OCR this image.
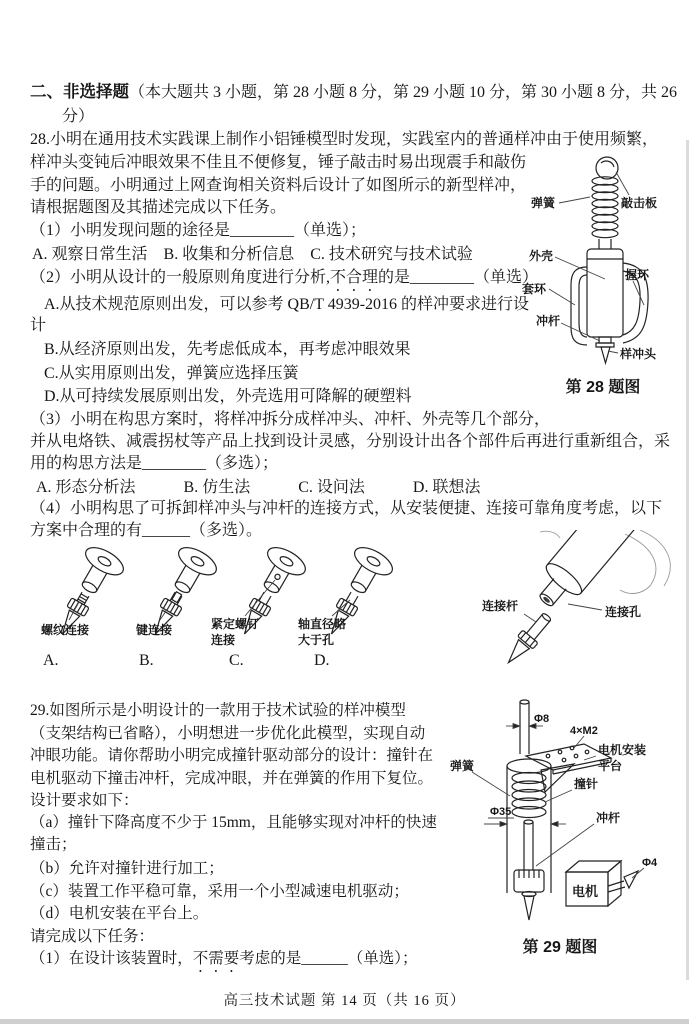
二、非选择题（本大题共 3 小题，第 28 小题 8 分，第 29 小题 10 分，第 30 小题 8 分，共 26
分）
28.小明在通用技术实践课上制作小铝锤模型时发现，实践室内的普通样冲由于使用频繁，
样冲头变钝后冲眼效果不佳且不便修复，锤子敲击时易出现震手和敲伤
手的问题。小明通过上网查询相关资料后设计了如图所示的新型样冲，
请根据题图及其描述完成以下任务。
（1）小明发现问题的途径是________（单选）；
A. 观察日常生活　B. 收集和分析信息　C. 技术研究与技术试验
（2）小明从设计的一般原则角度进行分析,不合理的是________（单选）
A.从技术规范原则出发，可以参考 QB/T 4939-2016 的样冲要求进行设
计
B.从经济原则出发，先考虑低成本，再考虑冲眼效果
C.从实用原则出发，弹簧应选择压簧
D.从可持续发展原则出发，外壳选用可降解的硬塑料
（3）小明在构思方案时，将样冲拆分成样冲头、冲杆、外壳等几个部分，
并从电烙铁、减震拐杖等产品上找到设计灵感，分别设计出各个部件后再进行重新组合，采
用的构思方法是________（多选）；
A. 形态分析法　　　B. 仿生法　　　C. 设问法　　　D. 联想法
（4）小明构思了可拆卸样冲头与冲杆的连接方式，从安装便捷、连接可靠角度考虑，以下
方案中合理的有______（多选）。
弹簧	敲击板
外壳
握环
套环
冲杆
样冲头
第 28 题图
螺纹连接
A.
键连接
B.
紧定螺钉
连接
C.
轴直径略
大于孔
D.
连接杆	连接孔
29.如图所示是小明设计的一款用于技术试验的样冲模型
（支架结构已省略），小明想进一步优化此模型，实现自动
冲眼功能。请你帮助小明完成撞针驱动部分的设计：撞针在
电机驱动下撞击冲杆，完成冲眼，并在弹簧的作用下复位。
设计要求如下：
（a）撞针下降高度不少于 15mm，且能够实现对冲杆的快速
撞击；
（b）允许对撞针进行加工；
（c）装置工作平稳可靠，采用一个小型减速电机驱动；
（d）电机安装在平台上。
请完成以下任务：
（1）在设计该装置时，不需要考虑的是______（单选）；
Φ8
4×M2
电机安装
平台
弹簧
撞针
Φ35	冲杆
电机
Φ4
第 29 题图
高三技术试题 第 14 页（共 16 页）
